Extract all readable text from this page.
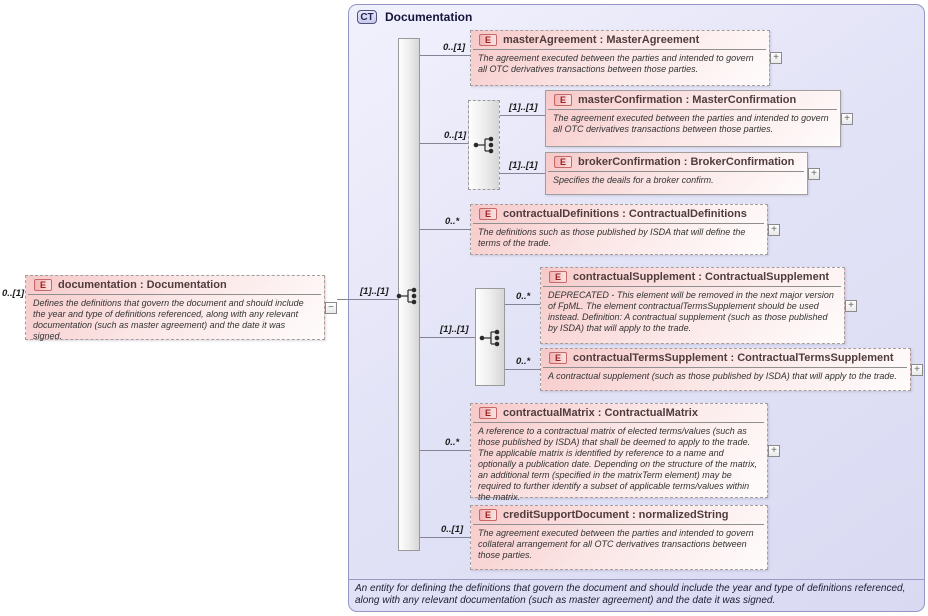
CT Documentation
An entity for defining the definitions that govern the document and should include the year and type of definitions referenced, along with any relevant documentation (such as master agreement) and the date it was signed.
0..[1]
E	documentation : Documentation
Defines the definitions that govern the document and should include the year and type of definitions referenced, along with any relevant documentation (such as master agreement) and the date it was signed.
−
[1]..[1]
0..[1]
E	masterAgreement : MasterAgreement
The agreement executed between the parties and intended to govern all OTC derivatives transactions between those parties.
+
0..[1]
[1]..[1]
E	masterConfirmation : MasterConfirmation
The agreement executed between the parties and intended to govern all OTC derivatives transactions between those parties.
+
[1]..[1]	E	brokerConfirmation : BrokerConfirmation
Specifies the deails for a broker confirm.
+
0..*
E	contractualDefinitions : ContractualDefinitions
The definitions such as those published by ISDA that will define the terms of the trade.
+
[1]..[1]
0..*
E	contractualSupplement : ContractualSupplement
DEPRECATED - This element will be removed in the next major version of FpML. The element contractualTermsSupplement should be used instead. Definition: A contractual supplement (such as those published by ISDA) that will apply to the trade.
+
0..*	E	contractualTermsSupplement : ContractualTermsSupplement
A contractual supplement (such as those published by ISDA) that will apply to the trade.
+
0..*
E	contractualMatrix : ContractualMatrix
A reference to a contractual matrix of elected terms/values (such as those published by ISDA) that shall be deemed to apply to the trade. The applicable matrix is identified by reference to a name and optionally a publication date. Depending on the structure of the matrix, an additional term (specified in the matrixTerm element) may be required to further identify a subset of applicable terms/values within the matrix.
+
0..[1]
E	creditSupportDocument : normalizedString
The agreement executed between the parties and intended to govern collateral arrangement for all OTC derivatives transactions between those parties.
